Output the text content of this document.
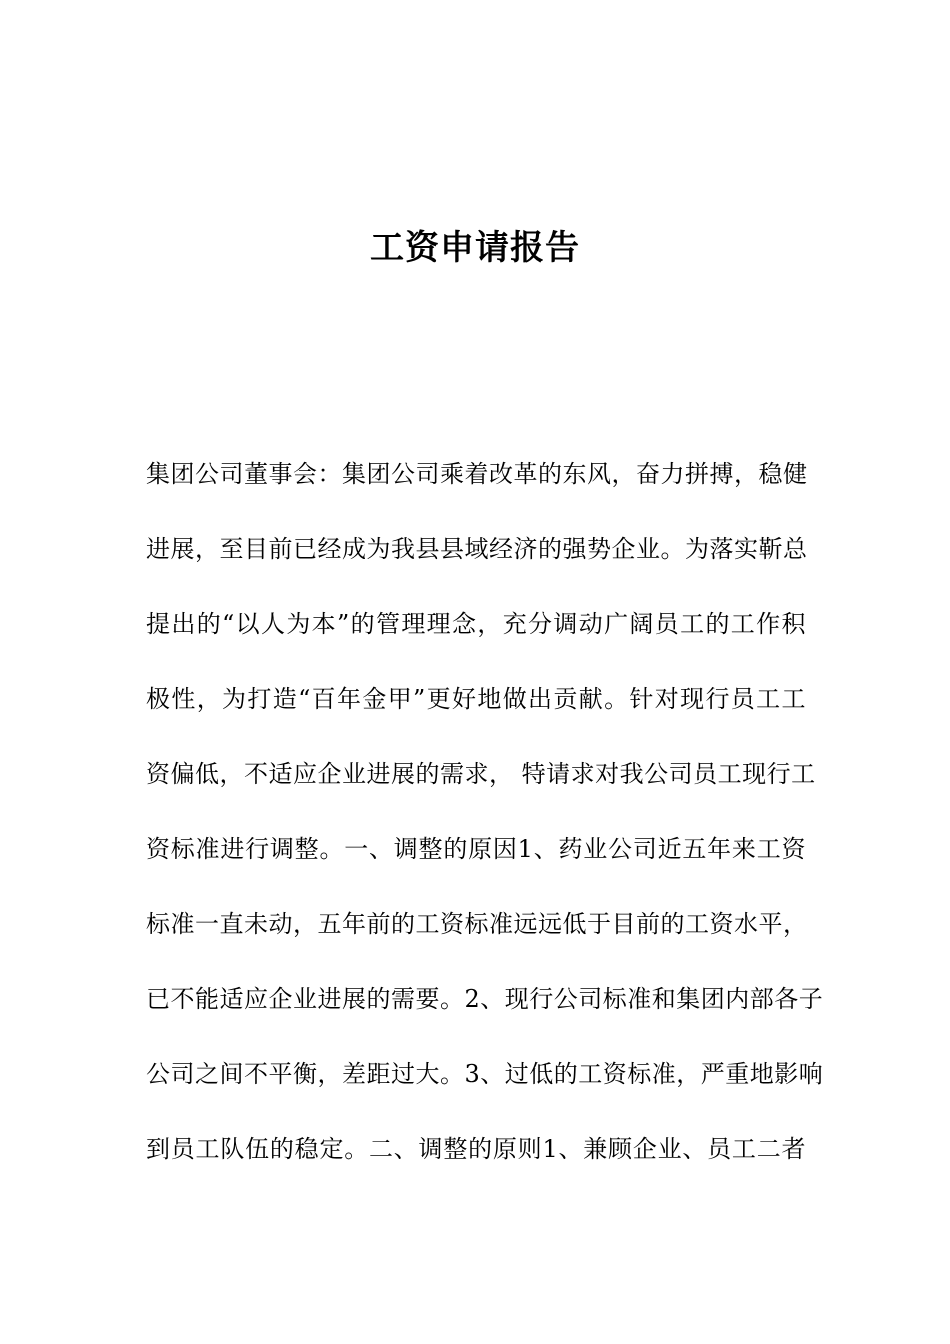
工资申请报告
集团公司董事会：集团公司乘着改革的东风，奋力拼搏，稳健
进展，至目前已经成为我县县域经济的强势企业。为落实靳总
提出的“以人为本”的管理理念，充分调动广阔员工的工作积
极性，为打造“百年金甲”更好地做出贡献。针对现行员工工
资偏低，不适应企业进展的需求， 特请求对我公司员工现行工
资标准进行调整。一、调整的原因1、药业公司近五年来工资
标准一直未动，五年前的工资标准远远低于目前的工资水平，
已不能适应企业进展的需要。2、现行公司标准和集团内部各子
公司之间不平衡，差距过大。3、过低的工资标准，严重地影响
到员工队伍的稳定。二、调整的原则1、兼顾企业、员工二者
